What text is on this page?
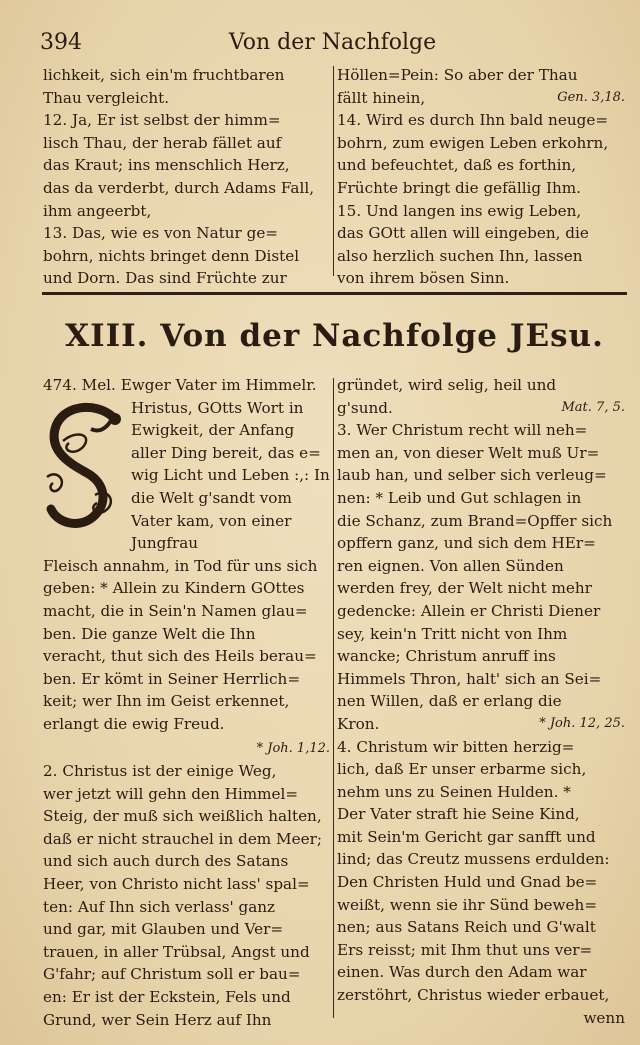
394	Von der Nachfolge

lichkeit, sich ein'm fruchtbaren

Thau vergleicht.

12. Ja, Er ist selbst der himm=

lisch Thau, der herab fället auf

das Kraut; ins menschlich Herz,

das da verderbt, durch Adams Fall,

ihm angeerbt,

13. Das, wie es von Natur ge=

bohrn, nichts bringet denn Distel

und Dorn. Das sind Früchte zur

Höllen=Pein: So aber der Thau

fällt hinein,	Gen. 3,18.

14. Wird es durch Ihn bald neuge=

bohrn, zum ewigen Leben erkohrn,

und befeuchtet, daß es forthin,

Früchte bringt die gefällig Ihm.

15. Und langen ins ewig Leben,

das GOtt allen will eingeben, die

also herzlich suchen Ihn, lassen

von ihrem bösen Sinn.

XIII. Von der Nachfolge JEsu.

474. Mel. Ewger Vater im Himmelr.

C

Hristus, GOtts Wort in

Ewigkeit, der Anfang

aller Ding bereit, das e=

wig Licht und Leben :,: In

die Welt g'sandt vom

Vater kam, von einer Jungfrau

Fleisch annahm, in Tod für uns sich

geben: * Allein zu Kindern GOttes

macht, die in Sein'n Namen glau=

ben. Die ganze Welt die Ihn

veracht, thut sich des Heils berau=

ben. Er kömt in Seiner Herrlich=

keit; wer Ihn im Geist erkennet,

erlangt die ewig Freud.

* Joh. 1,12.

2. Christus ist der einige Weg,

wer jetzt will gehn den Himmel=

Steig, der muß sich weißlich halten,

daß er nicht strauchel in dem Meer;

und sich auch durch des Satans

Heer, von Christo nicht lass' spal=

ten: Auf Ihn sich verlass' ganz

und gar, mit Glauben und Ver=

trauen, in aller Trübsal, Angst und

G'fahr; auf Christum soll er bau=

en: Er ist der Eckstein, Fels und

Grund, wer Sein Herz auf Ihn

gründet, wird selig, heil und

g'sund.	Mat. 7, 5.

3. Wer Christum recht will neh=

men an, von dieser Welt muß Ur=

laub han, und selber sich verleug=

nen: * Leib und Gut schlagen in

die Schanz, zum Brand=Opffer sich

opffern ganz, und sich dem HEr=

ren eignen. Von allen Sünden

werden frey, der Welt nicht mehr

gedencke: Allein er Christi Diener

sey, kein'n Tritt nicht von Ihm

wancke; Christum anruff ins

Himmels Thron, halt' sich an Sei=

nen Willen, daß er erlang die

Kron.	* Joh. 12, 25.

4. Christum wir bitten herzig=

lich, daß Er unser erbarme sich,

nehm uns zu Seinen Hulden. *

Der Vater straft hie Seine Kind,

mit Sein'm Gericht gar sanfft und

lind; das Creutz mussens erdulden:

Den Christen Huld und Gnad be=

weißt, wenn sie ihr Sünd beweh=

nen; aus Satans Reich und G'walt

Ers reisst; mit Ihm thut uns ver=

einen. Was durch den Adam war

zerstöhrt, Christus wieder erbauet,

wenn
